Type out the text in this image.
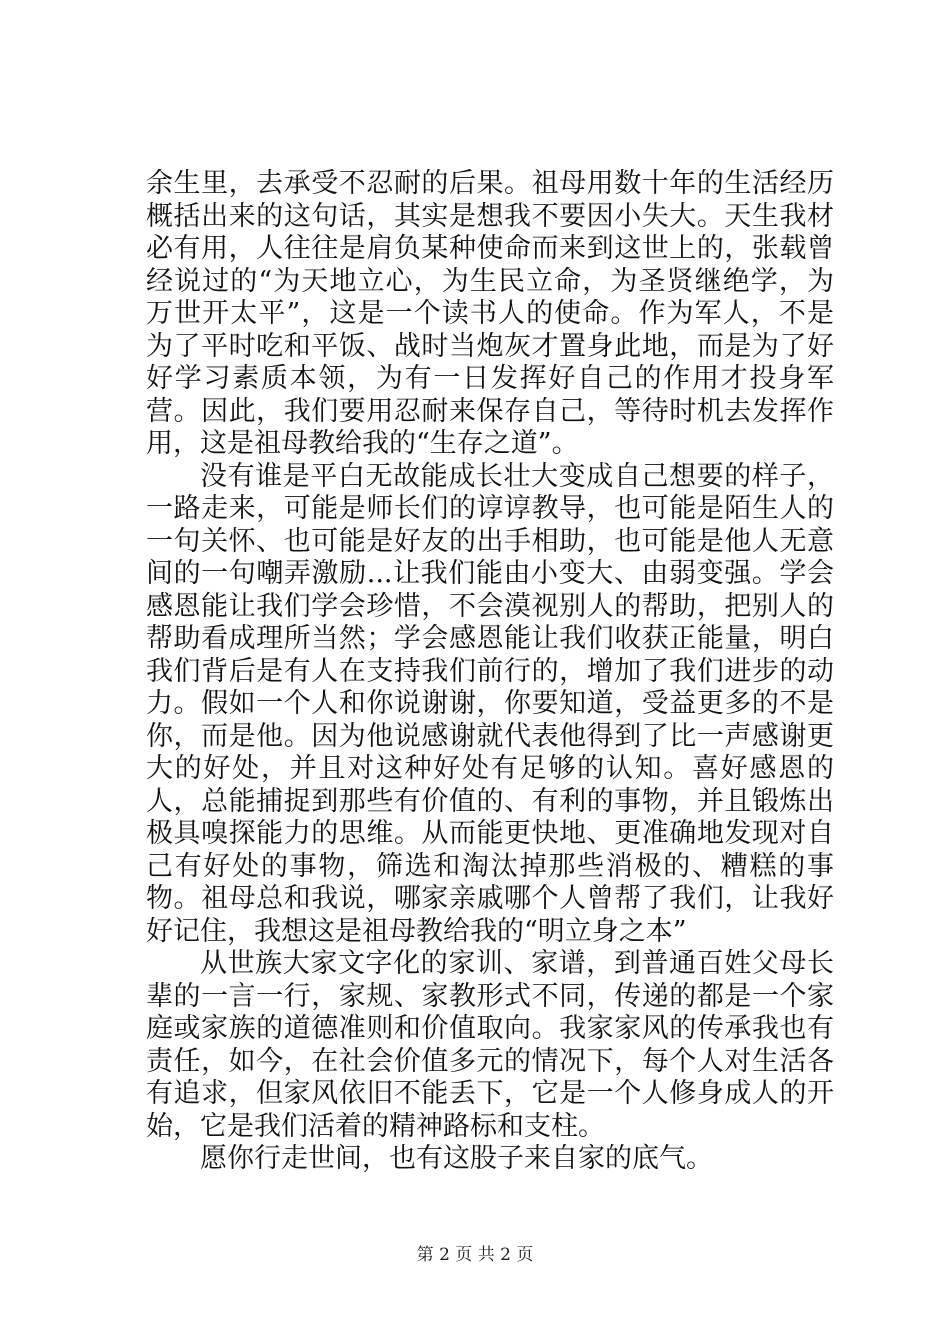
余生里，去承受不忍耐的后果。祖母用数十年的生活经历概括出来的这句话，其实是想我不要因小失大。天生我材必有用，人往往是肩负某种使命而来到这世上的，张载曾经说过的“为天地立心，为生民立命，为圣贤继绝学，为万世开太平”，这是一个读书人的使命。作为军人，不是为了平时吃和平饭、战时当炮灰才置身此地，而是为了好好学习素质本领，为有一日发挥好自己的作用才投身军营。因此，我们要用忍耐来保存自己，等待时机去发挥作用，这是祖母教给我的“生存之道”。

没有谁是平白无故能成长壮大变成自己想要的样子，一路走来，可能是师长们的谆谆教导，也可能是陌生人的一句关怀、也可能是好友的出手相助，也可能是他人无意间的一句嘲弄激励...让我们能由小变大、由弱变强。学会感恩能让我们学会珍惜，不会漠视别人的帮助，把别人的帮助看成理所当然；学会感恩能让我们收获正能量，明白我们背后是有人在支持我们前行的，增加了我们进步的动力。假如一个人和你说谢谢，你要知道，受益更多的不是你，而是他。因为他说感谢就代表他得到了比一声感谢更大的好处，并且对这种好处有足够的认知。喜好感恩的人，总能捕捉到那些有价值的、有利的事物，并且锻炼出极具嗅探能力的思维。从而能更快地、更准确地发现对自己有好处的事物，筛选和淘汰掉那些消极的、糟糕的事物。祖母总和我说，哪家亲戚哪个人曾帮了我们，让我好好记住，我想这是祖母教给我的“明立身之本”

从世族大家文字化的家训、家谱，到普通百姓父母长辈的一言一行，家规、家教形式不同，传递的都是一个家庭或家族的道德准则和价值取向。我家家风的传承我也有责任，如今，在社会价值多元的情况下，每个人对生活各有追求，但家风依旧不能丢下，它是一个人修身成人的开始，它是我们活着的精神路标和支柱。

愿你行走世间，也有这股子来自家的底气。

第 2 页 共 2 页
